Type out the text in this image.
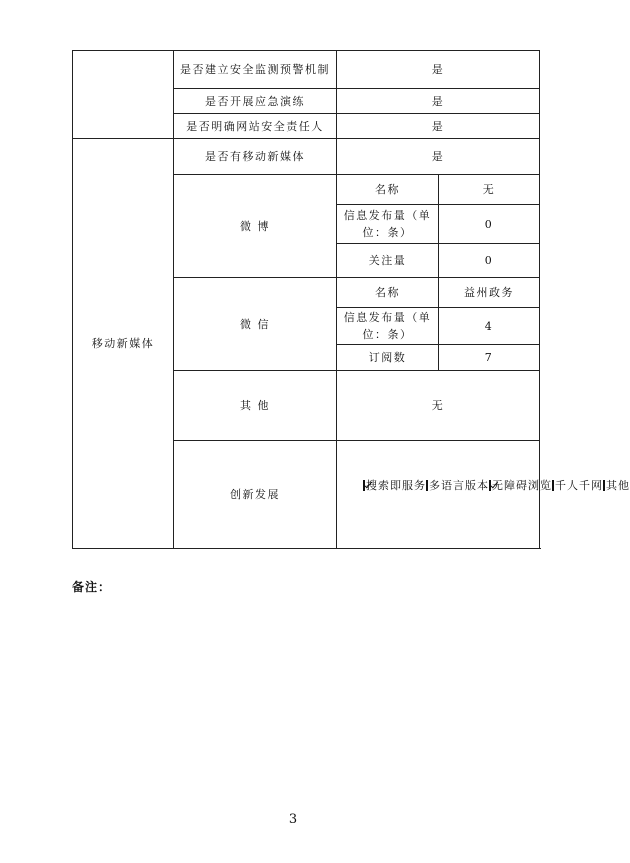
	是否建立安全监测预警机制	是	
	是否开展应急演练	是	
	是否明确网站安全责任人	是	
移动新媒体	是否有移动新媒体	是	
	微 博	名称	无
		信息发布量（单位：条）	0
		关注量	0
	微 信	名称	益州政务
		信息发布量（单位：条）	4
		订阅数	7
	其 他	无	
	创新发展	搜索即服务 多语言版本 无障碍浏览 千人千网 其他	
备注：
3
